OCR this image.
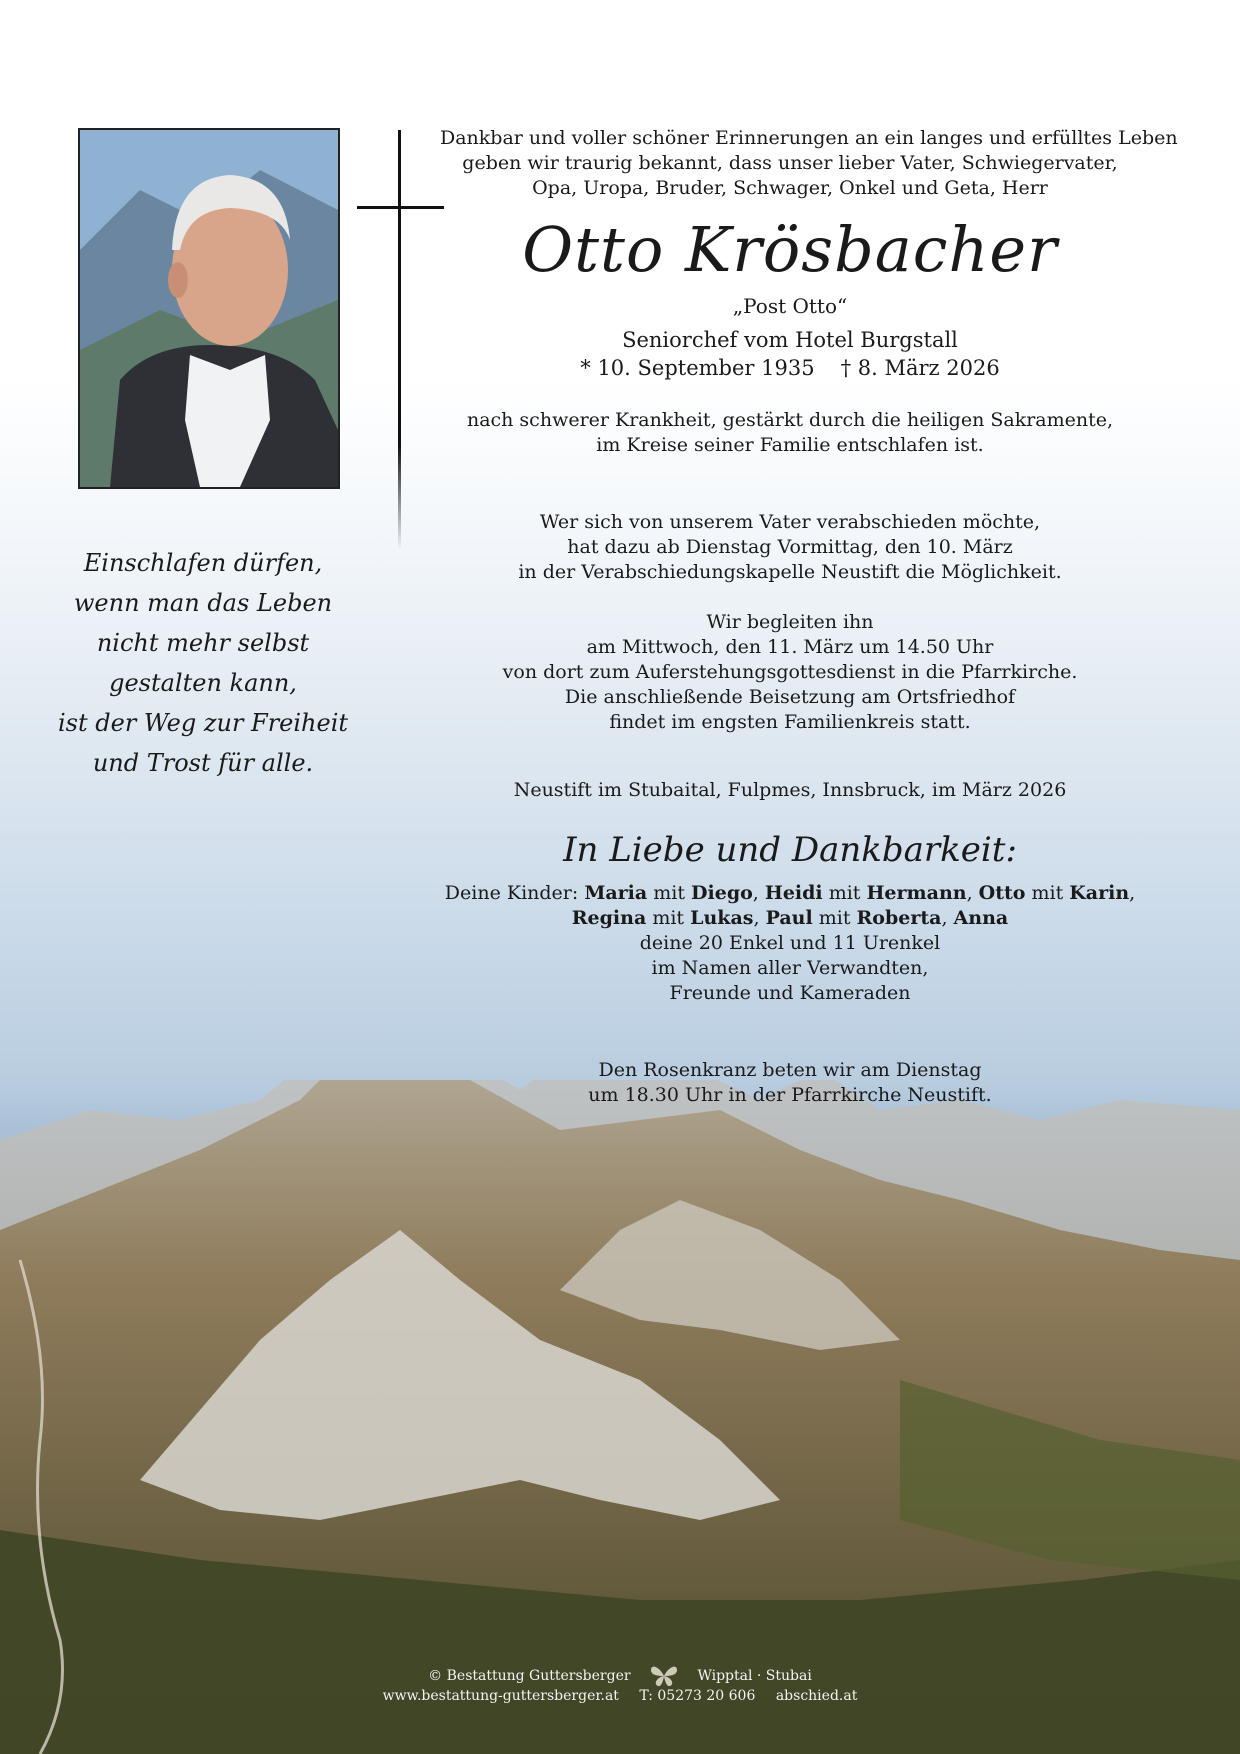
Dankbar und voller schöner Erinnerungen an ein langes und erfülltes Leben
geben wir traurig bekannt, dass unser lieber Vater, Schwiegervater,
Opa, Uropa, Bruder, Schwager, Onkel und Geta, Herr
Otto Krösbacher
„Post Otto“
Seniorchef vom Hotel Burgstall
* 10. September 1935 † 8. März 2026
nach schwerer Krankheit, gestärkt durch die heiligen Sakramente,
im Kreise seiner Familie entschlafen ist.
Wer sich von unserem Vater verabschieden möchte,
hat dazu ab Dienstag Vormittag, den 10. März
in der Verabschiedungskapelle Neustift die Möglichkeit.
Wir begleiten ihn
am Mittwoch, den 11. März um 14.50 Uhr
von dort zum Auferstehungsgottesdienst in die Pfarrkirche.
Die anschließende Beisetzung am Ortsfriedhof
findet im engsten Familienkreis statt.
Neustift im Stubaital, Fulpmes, Innsbruck, im März 2026
In Liebe und Dankbarkeit:
Deine Kinder: Maria mit Diego, Heidi mit Hermann, Otto mit Karin,
Regina mit Lukas, Paul mit Roberta, Anna
deine 20 Enkel und 11 Urenkel
im Namen aller Verwandten,
Freunde und Kameraden
Den Rosenkranz beten wir am Dienstag
um 18.30 Uhr in der Pfarrkirche Neustift.
Einschlafen dürfen,
wenn man das Leben
nicht mehr selbst
gestalten kann,
ist der Weg zur Freiheit
und Trost für alle.
© Bestattung Guttersberger	Wipptal · Stubai
www.bestattung-guttersberger.at T: 05273 20 606 abschied.at
